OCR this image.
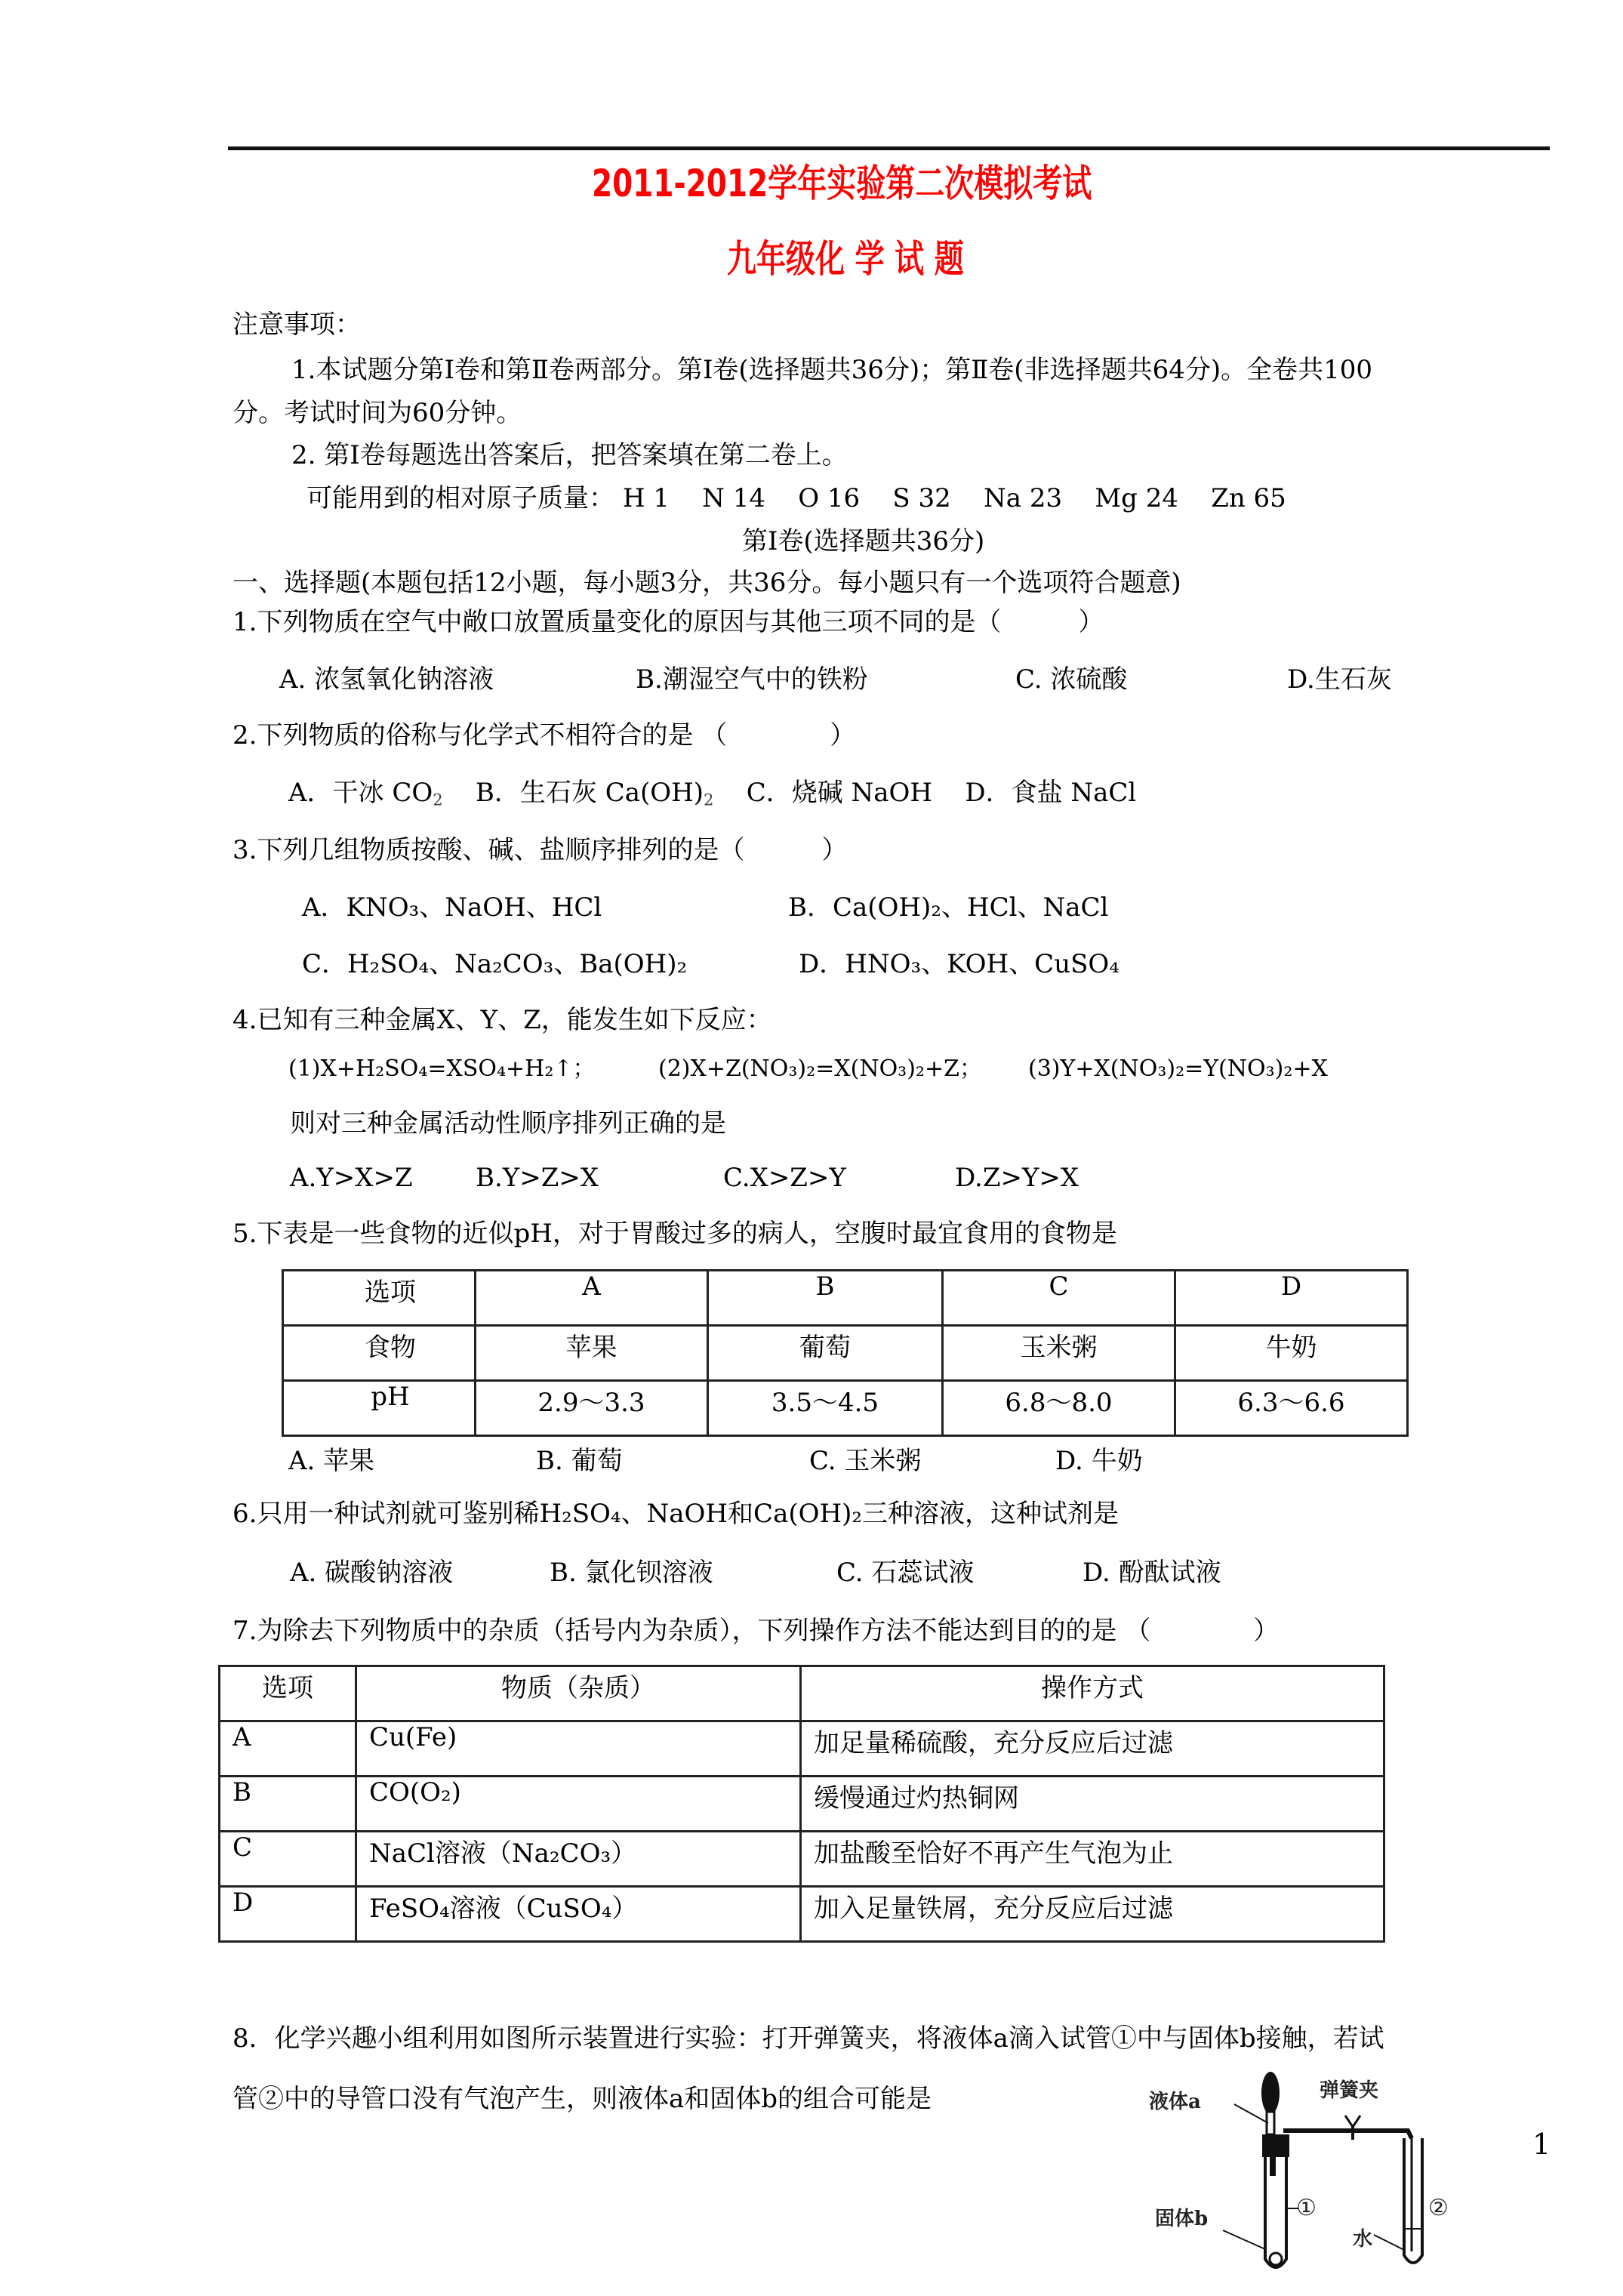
2011-2012学年实验第二次模拟考试
九年级化 学 试 题
注意事项：
1.本试题分第Ⅰ卷和第Ⅱ卷两部分。第Ⅰ卷(选择题共36分)；第Ⅱ卷(非选择题共64分)。全卷共100
分。考试时间为60分钟。
2. 第Ⅰ卷每题选出答案后，把答案填在第二卷上。
可能用到的相对原子质量： H 1 N 14 O 16 S 32 Na 23 Mg 24 Zn 65
第Ⅰ卷(选择题共36分)
一、选择题(本题包括12小题，每小题3分，共36分。每小题只有一个选项符合题意)
1.下列物质在空气中敞口放置质量变化的原因与其他三项不同的是（　　　）
A. 浓氢氧化钠溶液	B.潮湿空气中的铁粉	C. 浓硫酸	D.生石灰
2.下列物质的俗称与化学式不相符合的是 （　　　　）
A．干冰 $CO_2$ B．生石灰 $Ca(OH)_2$ C．烧碱 NaOH D．食盐 NaCl
3.下列几组物质按酸、碱、盐顺序排列的是（　　　）
A．KNO₃、NaOH、HCl	B．Ca(OH)₂、HCl、NaCl
C．H₂SO₄、Na₂CO₃、Ba(OH)₂	D．HNO₃、KOH、CuSO₄
4.已知有三种金属X、Y、Z，能发生如下反应：
(1)X+H₂SO₄=XSO₄+H₂↑；	(2)X+Z(NO₃)₂=X(NO₃)₂+Z； (3)Y+X(NO₃)₂=Y(NO₃)₂+X
则对三种金属活动性顺序排列正确的是
A.Y>X>Z B.Y>Z>X	C.X>Z>Y	D.Z>Y>X
5.下表是一些食物的近似pH，对于胃酸过多的病人，空腹时最宜食用的食物是
选项	A	B	C	D
食物	苹果	葡萄	玉米粥	牛奶
pH	2.9～3.3	3.5～4.5	6.8～8.0	6.3～6.6
A. 苹果	B. 葡萄	C. 玉米粥	D. 牛奶
6.只用一种试剂就可鉴别稀H₂SO₄、NaOH和Ca(OH)₂三种溶液，这种试剂是
A. 碳酸钠溶液	B. 氯化钡溶液	C. 石蕊试液	D. 酚酞试液
7.为除去下列物质中的杂质（括号内为杂质），下列操作方法不能达到目的的是 （　　　　）
选项	物质（杂质）	操作方式
A	Cu(Fe)	加足量稀硫酸，充分反应后过滤
B	CO(O₂)	缓慢通过灼热铜网
C	NaCl溶液（Na₂CO₃）	加盐酸至恰好不再产生气泡为止
D	FeSO₄溶液（CuSO₄）	加入足量铁屑，充分反应后过滤
8．化学兴趣小组利用如图所示装置进行实验：打开弹簧夹，将液体a滴入试管①中与固体b接触，若试
管②中的导管口没有气泡产生，则液体a和固体b的组合可能是	液体a	弹簧夹
固体b	①
水
②
1
